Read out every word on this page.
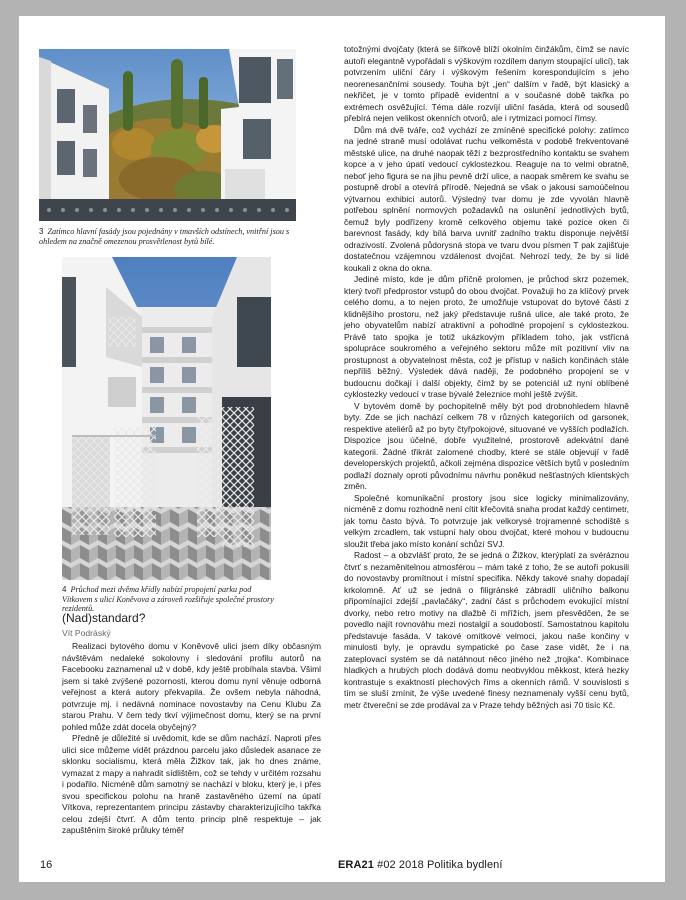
3 Zatímco hlavní fasády jsou pojednány v tmavších odstínech, vnitřní jsou s ohledem na značně omezenou prosvětlenost bytů bílé.
4 Průchod mezi dvěma křídly nabízí propojení parku pod Vítkovem s ulicí Koněvova a zároveň rozšiřuje společné prostory rezidentů.
(Nad)standard?
Vít Podráský

Realizaci bytového domu v Koněvově ulici jsem díky občasným návštěvám nedaleké sokolovny i sledování profilu autorů na Facebooku zaznamenal už v době, kdy ještě probíhala stavba. Všiml jsem si také zvýšené pozornosti, kterou domu nyní věnuje odborná veřejnost a která autory překvapila. Že ovšem nebyla náhodná, potvrzuje mj. i nedávná nominace novostavby na Cenu Klubu Za starou Prahu. V čem tedy tkví výjimečnost domu, který se na první pohled může zdát docela obyčejný?

Předně je důležité si uvědomit, kde se dům nachází. Naproti přes ulici sice můžeme vidět prázdnou parcelu jako důsledek asanace ze sklonku socialismu, která měla Žižkov tak, jak ho dnes známe, vymazat z mapy a nahradit sídlištěm, což se tehdy v určitém rozsahu i podařilo. Nicméně dům samotný se nachází v bloku, který je, i přes svou specifickou polohu na hraně zastavěného území na úpatí Vítkova, reprezentantem principu zástavby charakterizujícího takřka celou zdejší čtvrť. A dům tento princip plně respektuje – jak zapuštěním široké průluky téměř

totožnými dvojčaty (která se šířkově blíží okolním činžákům, čímž se navíc autoři elegantně vypořádali s výškovým rozdílem danym stoupající ulicí), tak potvrzením uliční čáry i výškovým řešením korespondujícím s jeho neorenesančními sousedy. Touha být „jen“ dalším v řadě, být klasický a nekřičet, je v tomto případě evidentní a v současné době takřka po extrémech osvěžující. Téma dále rozvíjí uliční fasáda, která od sousedů přebírá nejen velikost okenních otvorů, ale i rytmizaci pomocí římsy.

Dům má dvě tváře, což vychází ze zmíněné specifické polohy: zatímco na jedné straně musí odolávat ruchu velkoměsta v podobě frekventované městské ulice, na druhé naopak těží z bezprostředního kontaktu se svahem kopce a v jeho úpatí vedoucí cyklostezkou. Reaguje na to velmi obratně, neboť jeho figura se na jihu pevně drží ulice, a naopak směrem ke svahu se postupně drobí a otevírá přírodě. Nejedná se však o jakousi samoúčelnou výtvarnou exhibici autorů. Výsledný tvar domu je zde vyvolán hlavně potřebou splnění normových požadavků na oslunění jednotlivých bytů, čemuž byly podřízeny kromě celkového objemu také pozice oken či barevnost fasády, kdy bílá barva uvnitř zadního traktu disponuje největší odrazivostí. Zvolená půdorysná stopa ve tvaru dvou písmen T pak zajišťuje dostatečnou vzájemnou vzdálenost dvojčat. Nehrozí tedy, že by si lidé koukali z okna do okna.

Jediné místo, kde je dům příčně prolomen, je průchod skrz pozemek, který tvoří předprostor vstupů do obou dvojčat. Považuji ho za klíčový prvek celého domu, a to nejen proto, že umožňuje vstupovat do bytové části z klidnějšího prostoru, než jaký představuje rušná ulice, ale také proto, že jeho obyvatelům nabízí atraktivní a pohodlné propojení s cyklostezkou. Právě tato spojka je totiž ukázkovým příkladem toho, jak vstřícná spolupráce soukromého a veřejného sektoru může mít pozitivní vliv na prostupnost a obyvatelnost města, což je přístup v našich končinách stále nepříliš běžný. Výsledek dává naději, že podobného propojení se v budoucnu dočkají i další objekty, čímž by se potenciál už nyní oblíbené cyklostezky vedoucí v trase bývalé železnice mohl ještě zvýšit.

V bytovém domě by pochopitelně měly být pod drobnohledem hlavně byty. Zde se jich nachází celkem 78 v různých kategoriích od garsonek, respektive ateliérů až po byty čtyřpokojové, situované ve vyšších podlažích. Dispozice jsou účelné, dobře využitelné, prostorově adekvátní dané kategorii. Žádné třikrát zalomené chodby, které se stále objevují v řadě developerských projektů, ačkoli zejména dispozice větších bytů v posledním podlaží doznaly oproti původnímu návrhu poněkud nešťastných klientských změn.

Společné komunikační prostory jsou sice logicky minimalizovány, nicméně z domu rozhodně není cítit křečovitá snaha prodat každý centimetr, jak tomu často bývá. To potvrzuje jak velkorysé trojramenné schodiště s velkým zrcadlem, tak vstupní haly obou dvojčat, které mohou v budoucnu sloužit třeba jako místo konání schůzí SVJ.

Radost – a obzvlášť proto, že se jedná o Žižkov, kterýplatí za svéráznou čtvrť s nezaměnitelnou atmosférou – mám také z toho, že se autoři pokusili do novostavby promítnout i místní specifika. Někdy takové snahy dopadají krkolomně. Ať už se jedná o filigránské zábradlí uličního balkonu připomínající zdejší „pavlačáky“, zadní část s průchodem evokující místní dvorky, nebo retro motivy na dlažbě či mřížích, jsem přesvědčen, že se povedlo najít rovnováhu mezi nostalgií a soudobostí. Samostatnou kapitolu představuje fasáda. V takové omítkové velmoci, jakou naše končiny v minulosti byly, je opravdu sympatické po čase zase vidět, že i na zateplovací systém se dá natáhnout něco jiného než „trojka“. Kombinace hladkých a hrubých ploch dodává domu neobvyklou měkkost, která hezky kontrastuje s exaktností plechových říms a okenních rámů. V souvislosti s tím se sluší zmínit, že výše uvedené finesy neznamenaly vyšší cenu bytů, metr čtvereční se zde prodával za v Praze tehdy běžných asi 70 tisíc Kč.

16	ERA21 #02 2018 Politika bydlení
